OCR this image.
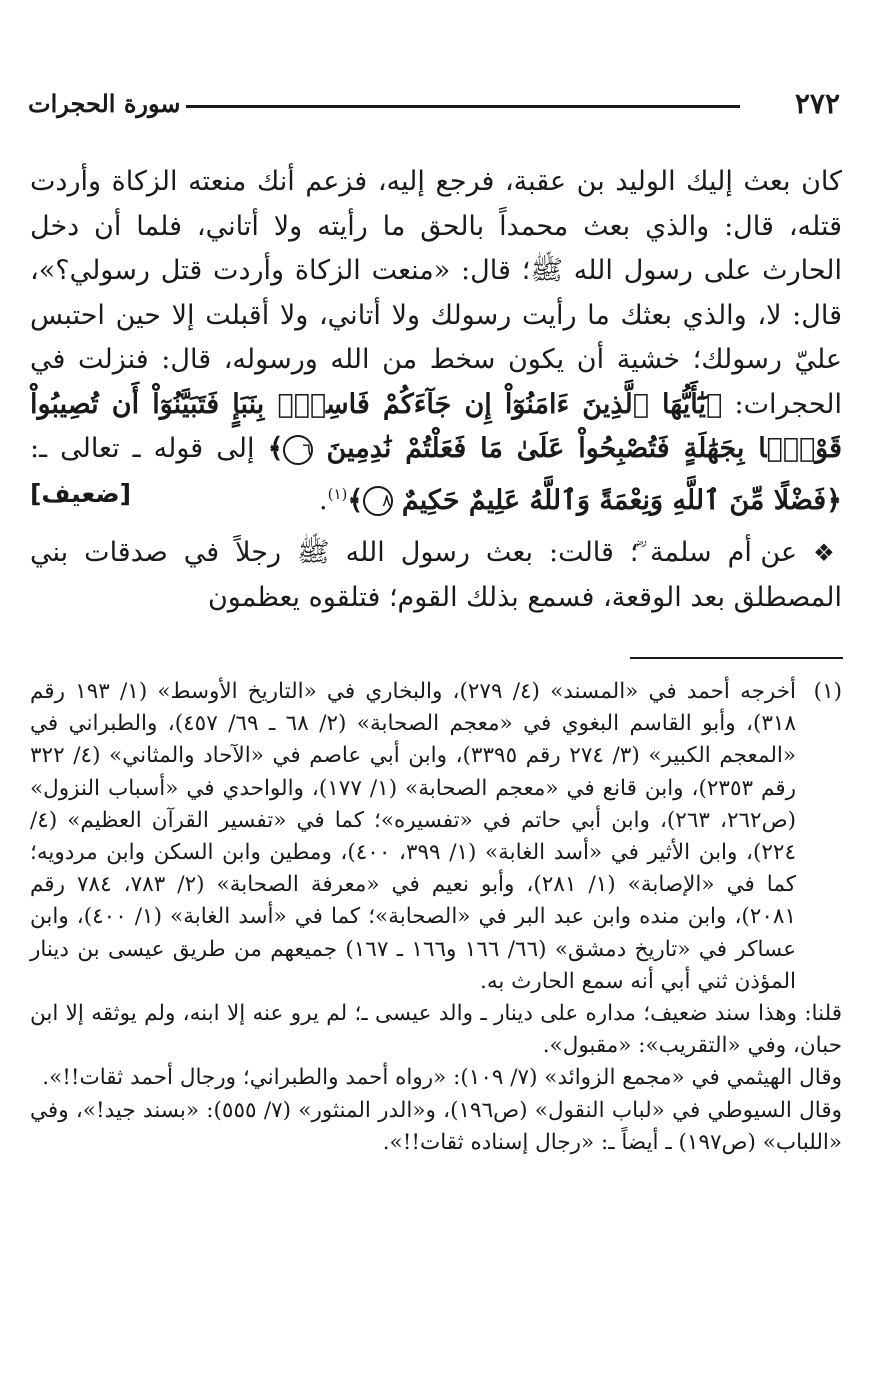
٢٧٢
سورة الحجرات

كان بعث إليك الوليد بن عقبة، فرجع إليه، فزعم أنك منعته الزكاة وأردت قتله، قال: والذي بعث محمداً بالحق ما رأيته ولا أتاني، فلما أن دخل الحارث على رسول الله ﷺ؛ قال: «منعت الزكاة وأردت قتل رسولي؟»، قال: لا، والذي بعثك ما رأيت رسولك ولا أتاني، ولا أقبلت إلا حين احتبس عليّ رسولك؛ خشية أن يكون سخط من الله ورسوله، قال: فنزلت في الحجرات: ﴿يَٰٓأَيُّهَا ٱلَّذِينَ ءَامَنُوٓاْ إِن جَآءَكُمْ فَاسِقُۢ بِنَبَإٍ فَتَبَيَّنُوٓاْ أَن تُصِيبُواْ قَوْمًۢا بِجَهَٰلَةٍ فَتُصْبِحُواْ عَلَىٰ مَا فَعَلْتُمْ نَٰدِمِينَ ٦﴾ إلى قوله ـ تعالى ـ: ﴿فَضْلًا مِّنَ ٱللَّهِ وَنِعْمَةً وَٱللَّهُ عَلِيمٌ حَكِيمٌ ٨﴾$^{(١)}$.
[ضعيف]

❖ عن أم سلمة ؓ؛ قالت: بعث رسول الله ﷺ رجلاً في صدقات بني المصطلق بعد الوقعة، فسمع بذلك القوم؛ فتلقوه يعظمون

(١)أخرجه أحمد في «المسند» (٤/ ٢٧٩)، والبخاري في «التاريخ الأوسط» (١/ ١٩٣ رقم ٣١٨)، وأبو القاسم البغوي في «معجم الصحابة» (٢/ ٦٨ ـ ٦٩/ ٤٥٧)، والطبراني في «المعجم الكبير» (٣/ ٢٧٤ رقم ٣٣٩٥)، وابن أبي عاصم في «الآحاد والمثاني» (٤/ ٣٢٢ رقم ٢٣٥٣)، وابن قانع في «معجم الصحابة» (١/ ١٧٧)، والواحدي في «أسباب النزول» (ص٢٦٢، ٢٦٣)، وابن أبي حاتم في «تفسيره»؛ كما في «تفسير القرآن العظيم» (٤/ ٢٢٤)، وابن الأثير في «أسد الغابة» (١/ ٣٩٩، ٤٠٠)، ومطين وابن السكن وابن مردويه؛ كما في «الإصابة» (١/ ٢٨١)، وأبو نعيم في «معرفة الصحابة» (٢/ ٧٨٣، ٧٨٤ رقم ٢٠٨١)، وابن منده وابن عبد البر في «الصحابة»؛ كما في «أسد الغابة» (١/ ٤٠٠)، وابن عساكر في «تاريخ دمشق» (٦٦/ ١٦٦ و١٦٦ ـ ١٦٧) جميعهم من طريق عيسى بن دينار المؤذن ثني أبي أنه سمع الحارث به.

قلنا: وهذا سند ضعيف؛ مداره على دينار ـ والد عيسى ـ؛ لم يرو عنه إلا ابنه، ولم يوثقه إلا ابن حبان، وفي «التقريب»: «مقبول».

وقال الهيثمي في «مجمع الزوائد» (٧/ ١٠٩): «رواه أحمد والطبراني؛ ورجال أحمد ثقات!!».

وقال السيوطي في «لباب النقول» (ص١٩٦)، و«الدر المنثور» (٧/ ٥٥٥): «بسند جيد!»، وفي «اللباب» (ص١٩٧) ـ أيضاً ـ: «رجال إسناده ثقات!!».
